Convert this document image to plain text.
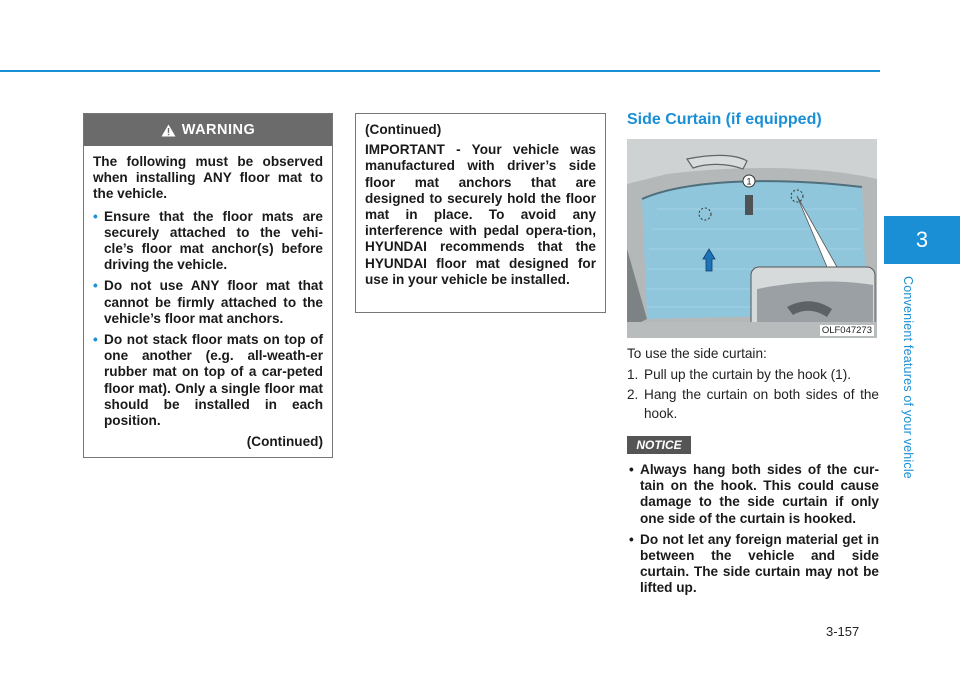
3
Convenient features of your vehicle
WARNING

The following must be observed when installing ANY floor mat to the vehicle.

• Ensure that the floor mats are securely attached to the vehi-cle’s floor mat anchor(s) before driving the vehicle.
• Do not use ANY floor mat that cannot be firmly attached to the vehicle’s floor mat anchors.
• Do not stack floor mats on top of one another (e.g. all-weath-er rubber mat on top of a car-peted floor mat). Only a single floor mat should be installed in each position.
(Continued)

(Continued)

IMPORTANT - Your vehicle was manufactured with driver’s side floor mat anchors that are designed to securely hold the floor mat in place. To avoid any interference with pedal opera-tion, HYUNDAI recommends that the HYUNDAI floor mat designed for use in your vehicle be installed.

Side Curtain (if equipped)
1
OLF047273

To use the side curtain:

1. Pull up the curtain by the hook (1).

2. Hang the curtain on both sides of the hook.

NOTICE
• Always hang both sides of the cur-tain on the hook. This could cause damage to the side curtain if only one side of the curtain is hooked.
• Do not let any foreign material get in between the vehicle and side curtain. The side curtain may not be lifted up.
3-157
